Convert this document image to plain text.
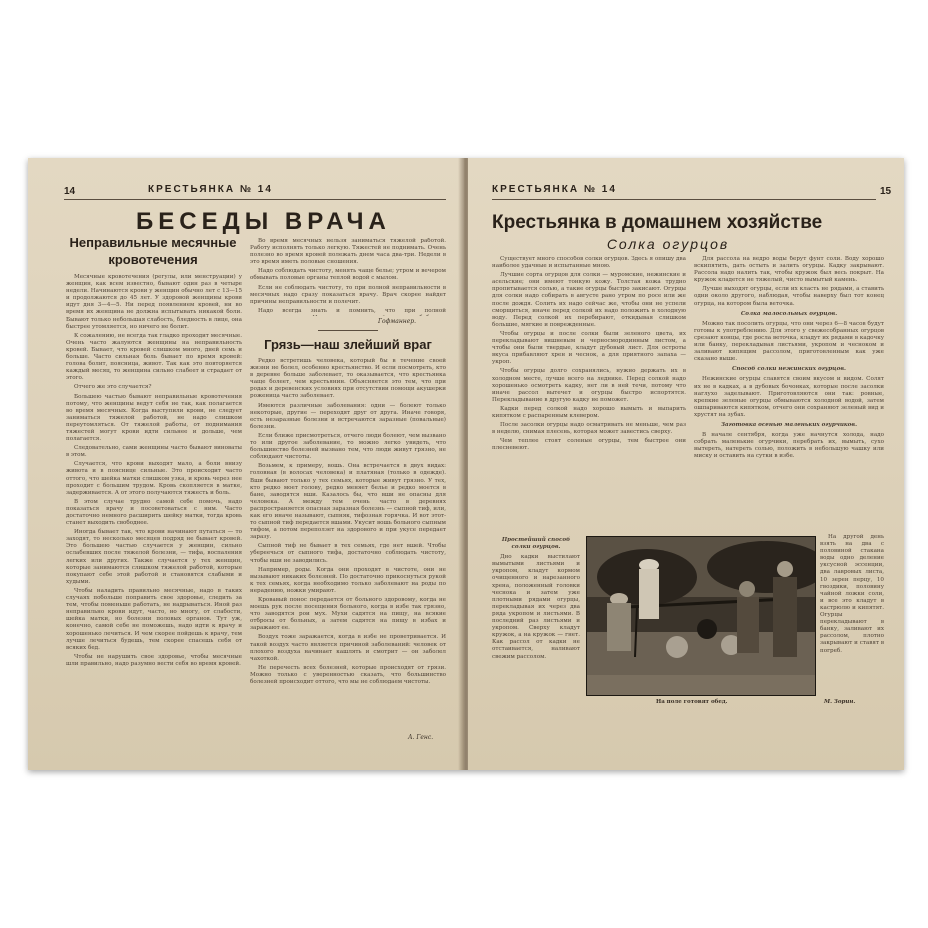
14	КРЕСТЬЯНКА № 14
БЕСЕДЫ ВРАЧА
Неправильные месячные кровотечения

Месячные кровотечения (регулы, или менструации) у женщин, как всем известно, бывают один раз в четыре недели. Начинаются крови у женщин обычно лет с 13—15 и продолжаются до 45 лет. У здоровой женщины крови идут дня 3—4—5. Ни перед появлением кровей, ни во время их женщина не должна испытывать никакой боли. Бывают только небольшая слабость, бледность в лице, она быстрее утомляется, но ничего не болит.

К сожалению, не всегда так гладко проходит месячные. Очень часто жалуются женщины на неправильность кровей. Бывает, что кровей слишком много, дней семь и больше. Часто сильная боль бывает по время кровей: голова болит, поясница, живот. Так как это повторяется каждый месяц, то женщина сильно слабеет и страдает от этого.

Отчего же это случается?

Большею частью бывают неправильные кровотечения потому, что женщины ведут себя не так, как полагается во время месячных. Когда выступили крови, не следует заниматься тяжелой работой, не надо слишком переутомляться. От тяжелой работы, от поднимания тяжестей могут крови идти сильнее и дольше, чем полагается.

Следовательно, сами женщины часто бывают виноваты в этом.

Случается, что крови выходят мало, а боли внизу живота и в пояснице сильные. Это происходит часто оттого, что шейка матки слишком узка, и кровь через нее проходит с большим трудом. Кровь скопляется в матке, задерживается. А от этого получаются тяжесть и боль.

В этом случае трудно самой себе помочь, надо показаться врачу и посоветоваться с ним. Часто достаточно немного расширить шейку матки, тогда кровь станет выходить свободнее.

Иногда бывает так, что крови начинают путаться — то заходят, то несколько месяцев подряд не бывает кровей. Это большею частью случается у женщин, сильно ослабевших после тяжелой болезни, — тифа, воспаления легких или других. Также случается у тех женщин, которые занимаются слишком тяжелой работой, которые покупают себе этой работой и становятся слабыми и худыми.

Чтобы наладить правильно месячные, надо в таких случаях побольше поправить свое здоровье, следить за тем, чтобы поменьше работать, не надрываться. Иной раз неправильно крови идут, часто, но многу, от слабости, шейка матки, но болезни половых органов. Тут уж, конечно, самой себе не поможешь, надо идти к врачу и хорошенько лечиться. И чем скорее пойдешь к врачу, тем лучше лечиться будешь, тем скорее спасешь себя от всяких бед.

Чтобы не нарушить свое здоровье, чтобы месячные шли правильно, надо разумно вести себя во время кровей.

Во время месячных нельзя заниматься тяжелой работой. Работу исполнять только легкую. Тяжестей не поднимать. Очень полезно во время кровей полежать днем часа два-три. Недели в это время иметь половые сношения.

Надо соблюдать чистоту, менять чаще белье; утром и вечером обмывать половые органы теплой водой с мылом.

Если не соблюдать чистоту, то при полной неправильности в месячных надо сразу показаться врачу. Врач скорее найдет причины неправильности и полечит.

Надо всегда знать и помнить, что при полной

Гофманнер.
Грязь—наш злейший враг

Редко встретишь человека, который бы в течение своей жизни не болел, особенно крестьянство. И если посмотреть, кто в деревне больше заболевает, то оказывается, что крестьянка чаще болеет, чем крестьянин. Объясняется это тем, что при родах и деревенских условиях при отсутствии помощи акушерки роженица часто заболевает.

Имеются различные заболевания: одни — болеют только некоторые, другие — переходят друг от друга. Иначе говоря, есть незаразные болезни и встречаются заразные (повальные) болезни.

Если ближе присмотреться, отчего люди болеют, чем вызвано то или другое заболевание, то можно легко увидеть, что большинство болезней вызвано тем, что люди живут грязно, не соблюдают чистоты.

Возьмем, к примеру, вошь. Она встречается в двух видах: головная (в волосах человека) и платяная (только в одежде). Вши бывают только у тех семьях, которые живут грязно. У тех, кто редко моет голову, редко меняет белье и редко моется в бане, заводятся вши. Казалось бы, что вши не опасны для человека. А между тем очень часто в деревнях распространяется опасная заразная болезнь — сыпной тиф, или, как его иначе называют, сыпняк, тифозная горячка. И вот этот-то сыпной тиф передается вшами. Укусит вошь больного сыпным тифом, а потом переползет на здорового и при укусе передает заразу.

Сыпной тиф не бывает в тех семьях, где нет вшей. Чтобы убереечься от сыпного тифа, достаточно соблюдать чистоту, чтобы вши не заводились.

Например, роды. Когда они проходят в чистоте, они не вызывают никаких болезней. По достаточно прикоснуться рукой к тех семьях, когда необходимо только заболевают на роды по нерадению, ножки умирают.

Кровавый понос передается от больного здоровому, когда не моешь рук после посещения больного, когда в избе так грязно, что заводятся рои мух. Мухи садятся на пищу, на всякие отбросы от больных, а затем садятся на пищу в избах и заражают ее.

Воздух тоже заражается, когда в избе не проветривается. И такой воздух часто является причиной заболеваний: человек от плохого воздуха начинает кашлять и смотрит — он заболел чахоткой.

Не перечесть всех болезней, которые происходят от грязи. Можно только с уверенностью сказать, что большинство болезней происходит оттого, что мы не соблюдаем чистоты.

А. Генс.
КРЕСТЬЯНКА № 14	15
Крестьянка в домашнем хозяйстве
Солка огурцов

Существует много способов солки огурцов. Здесь я опишу два наиболее удачные и испытанные мною.

Лучшие сорта огурцов для солки — муромские, нежинские и асельские; они имеют тонкую кожу. Толстая кожа трудно пропитывается солью, а такие огурцы быстро закисают. Огурцы для солки надо собирать в августе рано утром по росе или же после дождя. Солить их надо сейчас же, чтобы они не успели сморщиться, иначе перед солкой их надо положить в холодную воду. Перед солкой их перебирают, откидывая слишком большие, мягкие и поврежденные.

Чтобы огурцы и после солки были зеленого цвета, их перекладывают вишневым и черносмородинным листом, а чтобы они были твердые, кладут дубовый лист. Для остроты вкуса прибавляют хрен и чеснок, а для приятного запаха — укроп.

Чтобы огурцы долго сохранялись, нужно держать их в холодном месте, лучше всего на леднике. Перед солкой надо хорошенько осмотреть кадку, нет ли в ней течи, потому что иначе рассол вытечет и огурцы быстро испортятся. Перекладывание в другую кадку не поможет.

Кадки перед солкой надо хорошо вымыть и выпарить кипятком с распаренным клевером.

После засолки огурцы надо осматривать не меньше, чем раз в неделю, снимая плесень, которая может завестись сверху.

Чем теплее стоят соленые огурцы, тем быстрее они плесневеют.

Простейший способ солки огурцов.

Дно кадки выстилают вымытыми листьями и укропом, кладут кормом очищенного и нарезанного хрена, положенный головки чеснока и затем уже плотными рядами огурцы, перекладывая их через два ряда укропом и листьями. В последний раз листьями и укропом. Сверху кладут кружок, а на кружок — гнет. Как рассол от кадки не отстаивается, наливают свежим рассолом.

Для рассола на ведро воды берут фунт соли. Воду хорошо вскипятить, дать остыть и залить огурцы. Кадку закрывают. Рассола надо налить так, чтобы кружок был весь покрыт. На кружок кладется не тяжелый, чисто вымытый камень.

Лучше выходят огурцы, если их класть не рядами, а ставить одни около другого, наблюдая, чтобы наверху был тот конец огурца, на котором была веточка.

Солка малосольных огурцов.

Можно так посолить огурцы, что они через 6—8 часов будут готовы к употреблению. Для этого у свежесобранных огурцов срезают концы, где росла веточка, кладут их рядами в кадочку или банку, перекладывая листьями, укропом и чесноком и заливают кипящим рассолом, приготовленным как уже сказано выше.

Способ солки нежинских огурцов.

Нежинские огурцы славятся своим вкусом и видом. Солят их не в кадках, а в дубовых бочонках, которые после засолки наглухо заделывают. Приготовляются они так: ровные, крепкие зеленые огурцы обмываются холодной водой, затем ошпариваются кипятком, отчего они сохраняют зеленый вид и хрустят на зубах.

Заготовка осенью маленьких огурчиков.

В начале сентября, когда уже начнутся холода, надо собрать маленькие огурчики, перебрать их, вымыть, сухо вытереть, натереть солью, положить в небольшую чашку или миску и оставить на сутки в избе.

На другой день взять на два с половиной стакана воды одно деление уксусной эссенции, два лавровых листа, 10 зерен перцу, 10 гвоздики, половину чайной ложки соли, и все это кладут в кастрюлю и кипятят. Огурцы перекладывают в банку, заливают их рассолом, плотно закрывают и ставят в погреб.

На поле готовят обед.	М. Зорин.
